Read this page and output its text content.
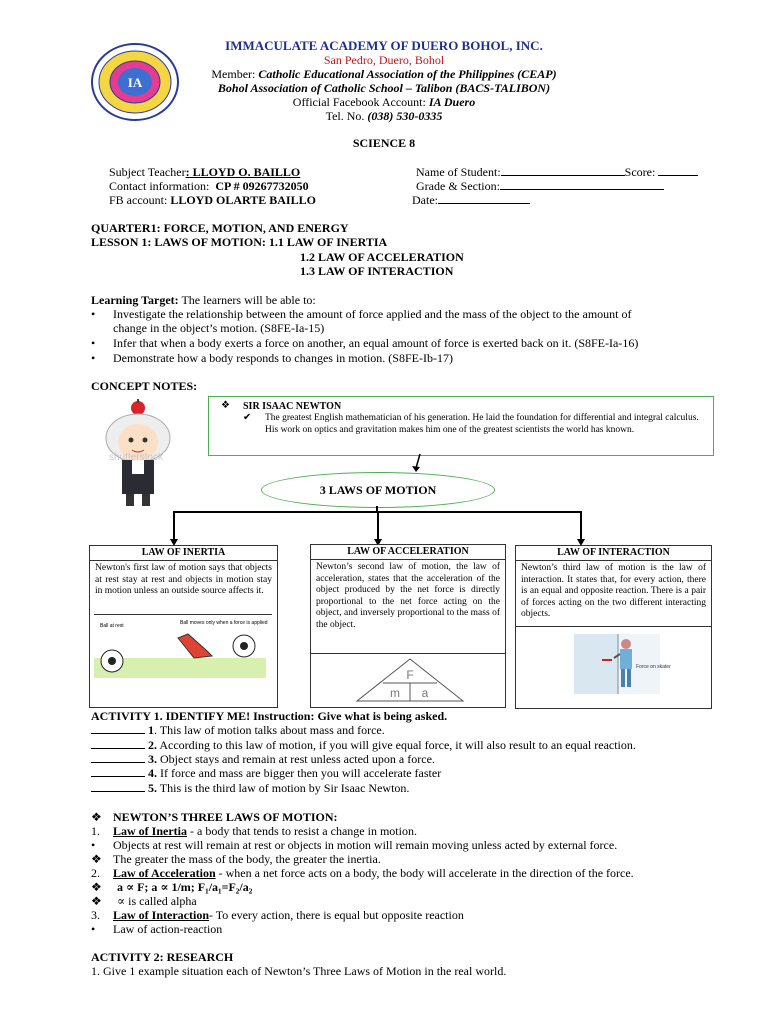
IA
IMMACULATE ACADEMY OF DUERO BOHOL, INC.
San Pedro, Duero, Bohol
Member: Catholic Educational Association of the Philippines (CEAP)
Bohol Association of Catholic School – Talibon (BACS-TALIBON)
Official Facebook Account: IA Duero
Tel. No. (038) 530-0335
SCIENCE 8
Subject Teacher: LLOYD O. BAILLO
Contact information: CP # 09267732050
FB account: LLOYD OLARTE BAILLO
Name of Student:	Score:
Grade & Section:
Date:
QUARTER1: FORCE, MOTION, AND ENERGY
LESSON 1: LAWS OF MOTION: 1.1 LAW OF INERTIA
1.2 LAW OF ACCELERATION
1.3 LAW OF INTERACTION
Learning Target: The learners will be able to:
• Investigate the relationship between the amount of force applied and the mass of the object to the amount of
change in the object’s motion. (S8FE-Ia-15)
• Infer that when a body exerts a force on another, an equal amount of force is exerted back on it. (S8FE-Ia-16)
• Demonstrate how a body responds to changes in motion. (S8FE-Ib-17)
CONCEPT NOTES:
shutterstock
❖ SIR ISAAC NEWTON
✔ The greatest English mathematician of his generation. He laid the foundation for differential and integral calculus. His work on optics and gravitation makes him one of the greatest scientists the world has known.
3 LAWS OF MOTION
LAW OF INERTIA
Newton's first law of motion says that objects at rest stay at rest and objects in motion stay in motion unless an outside source affects it.
Ball at rest	Ball moves only when a force is applied
LAW OF ACCELERATION
Newton’s second law of motion, the law of acceleration, states that the acceleration of the object produced by the net force is directly proportional to the net force acting on the object, and inversely proportional to the mass of the object.
F
m a
LAW OF INTERACTION
Newton’s third law of motion is the law of interaction. It states that, for every action, there is an equal and opposite reaction. There is a pair of forces acting on the two different interacting objects.
Force on skater
ACTIVITY 1. IDENTIFY ME! Instruction: Give what is being asked.
1. This law of motion talks about mass and force.
2. According to this law of motion, if you will give equal force, it will also result to an equal reaction.
3. Object stays and remain at rest unless acted upon a force.
4. If force and mass are bigger then you will accelerate faster
5. This is the third law of motion by Sir Isaac Newton.
❖ NEWTON’S THREE LAWS OF MOTION:
1. Law of Inertia - a body that tends to resist a change in motion.
• Objects at rest will remain at rest or objects in motion will remain moving unless acted by external force.
❖ The greater the mass of the body, the greater the inertia.
2. Law of Acceleration - when a net force acts on a body, the body will accelerate in the direction of the force.
❖ a ∝ F; a ∝ 1/m; F₁/a₁=F₂/a₂
❖ ∝ is called alpha
3. Law of Interaction- To every action, there is equal but opposite reaction
• Law of action-reaction
ACTIVITY 2: RESEARCH
1. Give 1 example situation each of Newton’s Three Laws of Motion in the real world.
